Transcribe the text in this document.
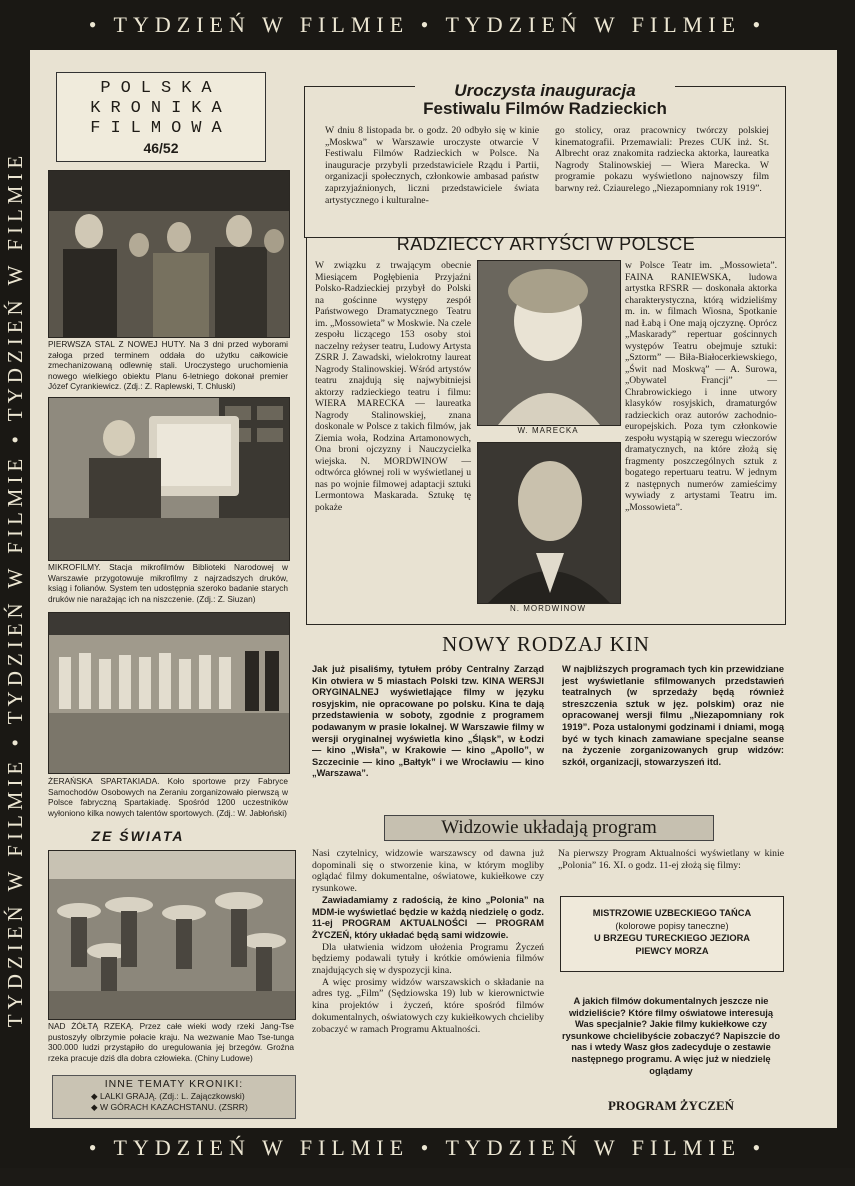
• TYDZIEŃ W FILMIE • TYDZIEŃ W FILMIE •
TYDZIEŃ W FILMIE • TYDZIEŃ W FILMIE • TYDZIEŃ W FILMIE
• TYDZIEŃ W FILMIE • TYDZIEŃ W FILMIE •
POLSKA
KRONIKA
FILMOWA
46/52
PIERWSZA STAL Z NOWEJ HUTY. Na 3 dni przed wyborami załoga przed terminem oddała do użytku całkowicie zmechanizowaną odlewnię stali. Uroczystego uruchomienia nowego wielkiego obiektu Planu 6-letniego dokonał premier Józef Cyrankiewicz. (Zdj.: Z. Raplewski, T. Chluski)
MIKROFILMY. Stacja mikrofilmów Biblioteki Narodowej w Warszawie przygotowuje mikrofilmy z najrzadszych druków, ksiąg i folianów. System ten udostępnia szeroko badanie starych druków nie narażając ich na niszczenie. (Zdj.: Z. Siuzan)
ŻERAŃSKA SPARTAKIADA. Koło sportowe przy Fabryce Samochodów Osobowych na Żeraniu zorganizowało pierwszą w Polsce fabryczną Spartakiadę. Spośród 1200 uczestników wyłoniono kilka nowych talentów sportowych. (Zdj.: W. Jabłoński)
ZE ŚWIATA
NAD ŻÓŁTĄ RZEKĄ. Przez całe wieki wody rzeki Jang-Tse pustoszyły olbrzymie połacie kraju. Na wezwanie Mao Tse-tunga 300.000 ludzi przystąpiło do uregulowania jej brzegów. Groźna rzeka pracuje dziś dla dobra człowieka. (Chiny Ludowe)
INNE TEMATY KRONIKI:
◆ LALKI GRAJĄ. (Zdj.: L. Zajączkowski)
◆ W GÓRACH KAZACHSTANU. (ZSRR)
Uroczysta inauguracja
Festiwalu Filmów Radzieckich
W dniu 8 listopada br. o godz. 20 odbyło się w kinie „Moskwa” w Warszawie uroczyste otwarcie V Festiwalu Filmów Radzieckich w Polsce. Na inauguracje przybyli przedstawiciele Rządu i Partii, organizacji społecznych, członkowie ambasad państw zaprzyjaźnionych, liczni przedstawiciele świata artystycznego i kulturalne-
go stolicy, oraz pracownicy twórczy polskiej kinematografii. Przemawiali: Prezes CUK inż. St. Albrecht oraz znakomita radziecka aktorka, laureatka Nagrody Stalinowskiej — Wiera Marecka. W programie pokazu wyświetlono najnowszy film barwny reż. Cziaurelego „Niezapomniany rok 1919”.
RADZIECCY ARTYŚCI W POLSCE
W związku z trwającym obecnie Miesiącem Pogłębienia Przyjaźni Polsko-Radzieckiej przybył do Polski na gościnne występy zespół Państwowego Dramatycznego Teatru im. „Mossowieta” w Moskwie. Na czele zespołu liczącego 153 osoby stoi naczelny reżyser teatru, Ludowy Artysta ZSRR J. Zawadski, wielokrotny laureat Nagrody Stalinowskiej. Wśród artystów teatru znajdują się najwybitniejsi aktorzy radzieckiego teatru i filmu: WIERA MARECKA — laureatka Nagrody Stalinowskiej, znana doskonale w Polsce z takich filmów, jak Ziemia woła, Rodzina Artamonowych, Ona broni ojczyzny i Nauczycielka wiejska. N. MORDWINOW — odtwórca głównej roli w wyświetlanej u nas po wojnie filmowej adaptacji sztuki Lermontowa Maskarada. Sztukę tę pokaże
W. MARECKA
N. MORDWINOW
w Polsce Teatr im. „Mossowieta”. FAINA RANIEWSKA, ludowa artystka RFSRR — doskonała aktorka charakterystyczna, którą widzieliśmy m. in. w filmach Wiosna, Spotkanie nad Łabą i One mają ojczyznę. Oprócz „Maskarady” repertuar gościnnych występów Teatru obejmuje sztuki: „Sztorm” — Biła-Białocerkiewskiego, „Świt nad Moskwą” — A. Surowa, „Obywatel Francji” — Chrabrowickiego i inne utwory klasyków rosyjskich, dramaturgów radzieckich oraz autorów zachodnio-europejskich. Poza tym członkowie zespołu wystąpią w szeregu wieczorów dramatycznych, na które złożą się fragmenty poszczególnych sztuk z bogatego repertuaru teatru. W jednym z następnych numerów zamieścimy wywiady z artystami Teatru im. „Mossowieta”.
NOWY RODZAJ KIN
Jak już pisaliśmy, tytułem próby Centralny Zarząd Kin otwiera w 5 miastach Polski tzw. KINA WERSJI ORYGINALNEJ wyświetlające filmy w języku rosyjskim, nie opracowane po polsku. Kina te dają przedstawienia w soboty, zgodnie z programem podawanym w prasie lokalnej. W Warszawie filmy w wersji oryginalnej wyświetla kino „Śląsk”, w Łodzi — kino „Wisła”, w Krakowie — kino „Apollo”, w Szczecinie — kino „Bałtyk” i we Wrocławiu — kino „Warszawa”.
W najbliższych programach tych kin przewidziane jest wyświetlanie sfilmowanych przedstawień teatralnych (w sprzedaży będą również streszczenia sztuk w jęz. polskim) oraz nie opracowanej wersji filmu „Niezapomniany rok 1919”. Poza ustalonymi godzinami i dniami, mogą być w tych kinach zamawiane specjalne seanse na życzenie zorganizowanych grup widzów: szkół, organizacji, stowarzyszeń itd.
Widzowie układają program

Nasi czytelnicy, widzowie warszawscy od dawna już dopominali się o stworzenie kina, w którym mogliby oglądać filmy dokumentalne, oświatowe, kukiełkowe czy rysunkowe.

Zawiadamiamy z radością, że kino „Polonia” na MDM-ie wyświetlać będzie w każdą niedzielę o godz. 11-ej PROGRAM AKTUALNOŚCI — PROGRAM ŻYCZEŃ, który układać będą sami widzowie.

Dla ułatwienia widzom ułożenia Programu Życzeń będziemy podawali tytuły i krótkie omówienia filmów znajdujących się w dyspozycji kina.

A więc prosimy widzów warszawskich o składanie na adres tyg. „Film” (Sędziowska 19) lub w kierownictwie kina projektów i życzeń, które spośród filmów dokumentalnych, oświatowych czy kukiełkowych chcieliby zobaczyć w ramach Programu Aktualności.

Na pierwszy Program Aktualności wyświetlany w kinie „Polonia” 16. XI. o godz. 11-ej złożą się filmy:
MISTRZOWIE UZBECKIEGO TAŃCA
(kolorowe popisy taneczne)
U BRZEGU TURECKIEGO JEZIORA
PIEWCY MORZA
A jakich filmów dokumentalnych jeszcze nie widzieliście? Które filmy oświatowe interesują Was specjalnie? Jakie filmy kukiełkowe czy rysunkowe chcielibyście zobaczyć? Napiszcie do nas i wtedy Wasz głos zadecyduje o zestawie następnego programu. A więc już w niedzielę oglądamy
PROGRAM ŻYCZEŃ
